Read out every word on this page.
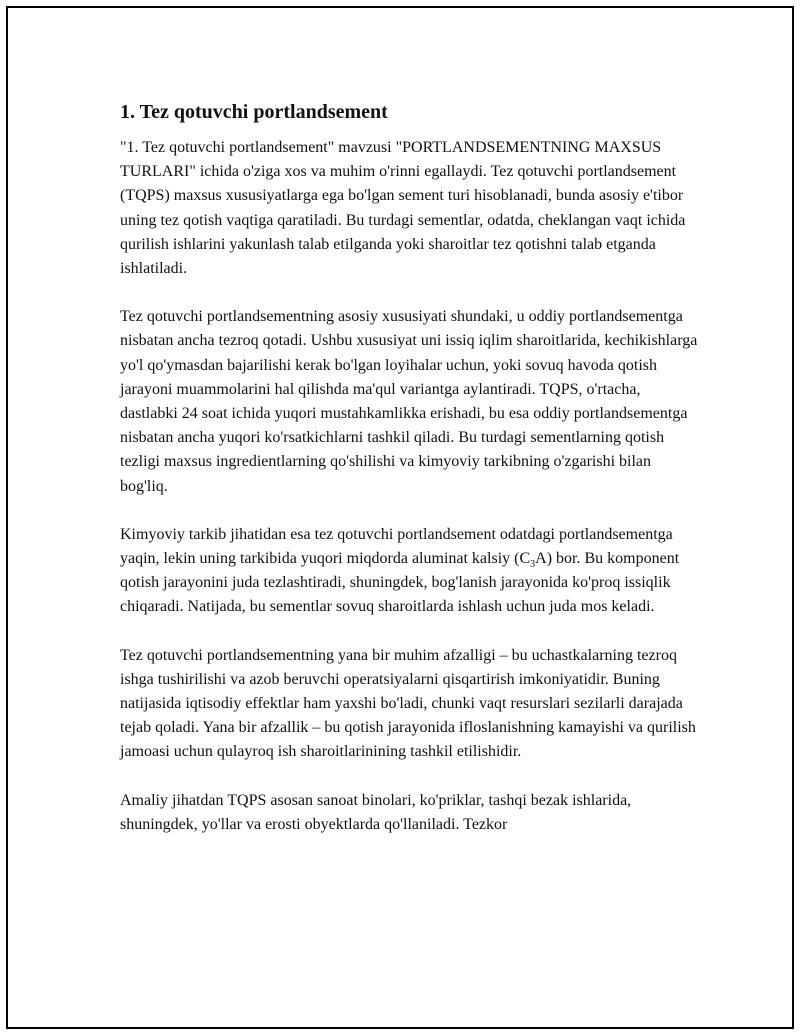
1. Tez qotuvchi portlandsement

"1. Tez qotuvchi portlandsement" mavzusi "PORTLANDSEMENTNING MAXSUS TURLARI" ichida o'ziga xos va muhim o'rinni egallaydi. Tez qotuvchi portlandsement (TQPS) maxsus xususiyatlarga ega bo'lgan sement turi hisoblanadi, bunda asosiy e'tibor uning tez qotish vaqtiga qaratiladi. Bu turdagi sementlar, odatda, cheklangan vaqt ichida qurilish ishlarini yakunlash talab etilganda yoki sharoitlar tez qotishni talab etganda ishlatiladi.

Tez qotuvchi portlandsementning asosiy xususiyati shundaki, u oddiy portlandsementga nisbatan ancha tezroq qotadi. Ushbu xususiyat uni issiq iqlim sharoitlarida, kechikishlarga yo'l qo'ymasdan bajarilishi kerak bo'lgan loyihalar uchun, yoki sovuq havoda qotish jarayoni muammolarini hal qilishda ma'qul variantga aylantiradi. TQPS, o'rtacha, dastlabki 24 soat ichida yuqori mustahkamlikka erishadi, bu esa oddiy portlandsementga nisbatan ancha yuqori ko'rsatkichlarni tashkil qiladi. Bu turdagi sementlarning qotish tezligi maxsus ingredientlarning qo'shilishi va kimyoviy tarkibning o'zgarishi bilan bog'liq.

Kimyoviy tarkib jihatidan esa tez qotuvchi portlandsement odatdagi portlandsementga yaqin, lekin uning tarkibida yuqori miqdorda aluminat kalsiy $(C_3A)$ bor. Bu komponent qotish jarayonini juda tezlashtiradi, shuningdek, bog'lanish jarayonida ko'proq issiqlik chiqaradi. Natijada, bu sementlar sovuq sharoitlarda ishlash uchun juda mos keladi.

Tez qotuvchi portlandsementning yana bir muhim afzalligi – bu uchastkalarning tezroq ishga tushirilishi va azob beruvchi operatsiyalarni qisqartirish imkoniyatidir. Buning natijasida iqtisodiy effektlar ham yaxshi bo'ladi, chunki vaqt resurslari sezilarli darajada tejab qoladi. Yana bir afzallik – bu qotish jarayonida ifloslanishning kamayishi va qurilish jamoasi uchun qulayroq ish sharoitlarinining tashkil etilishidir.

Amaliy jihatdan TQPS asosan sanoat binolari, ko'priklar, tashqi bezak ishlarida, shuningdek, yo'llar va erosti obyektlarda qo'llaniladi. Tezkor
